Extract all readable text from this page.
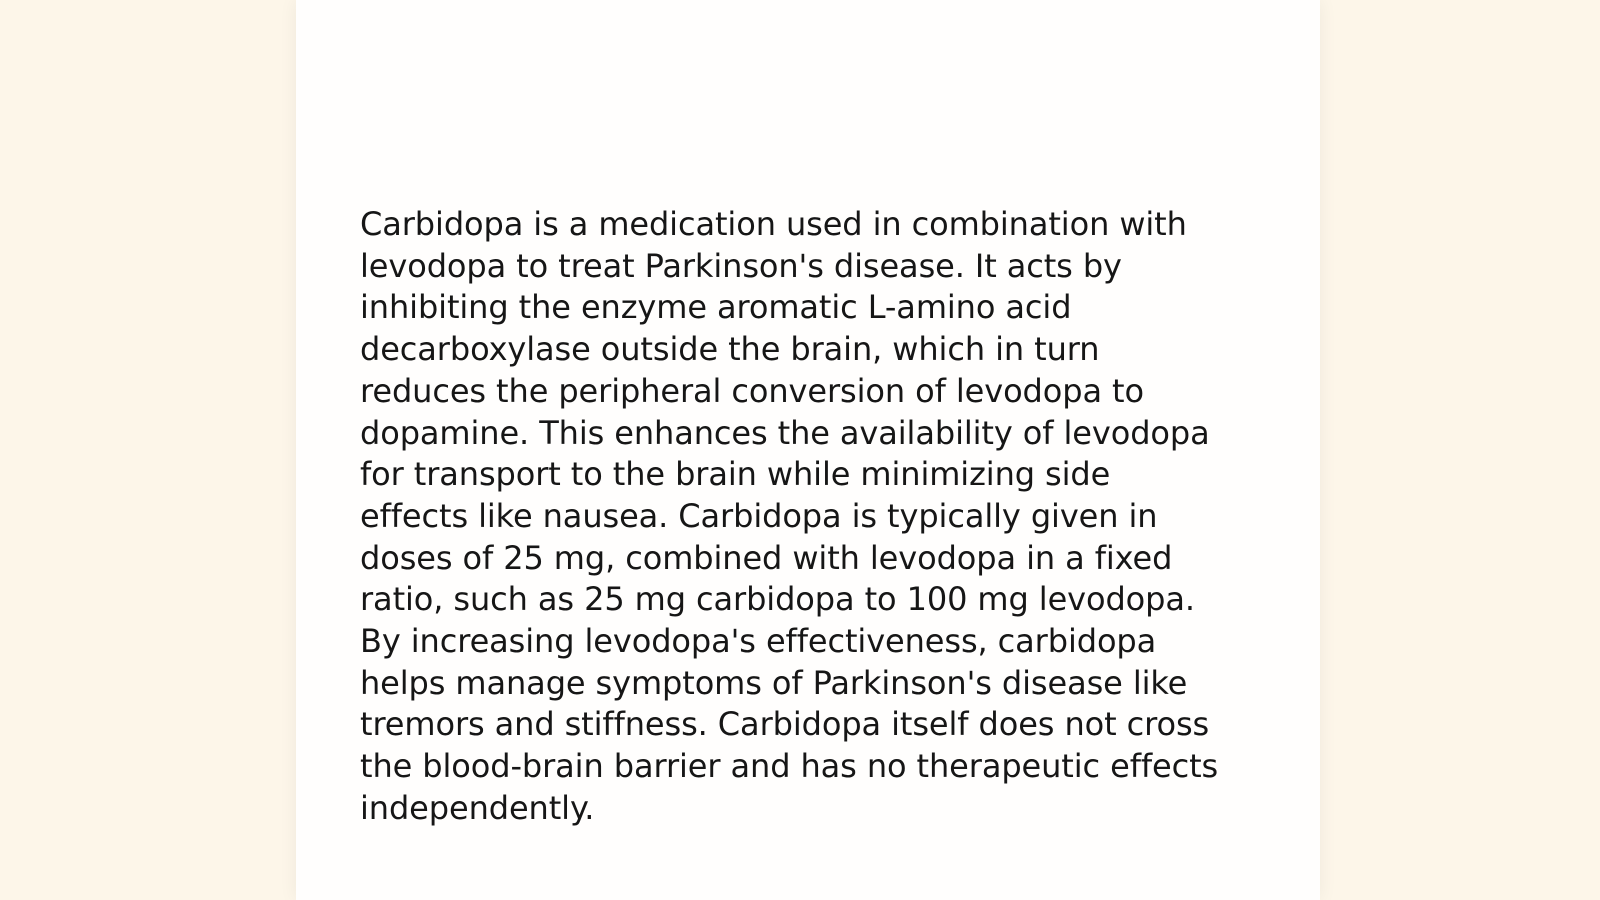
Carbidopa is a medication used in combination with
levodopa to treat Parkinson's disease. It acts by
inhibiting the enzyme aromatic L-amino acid
decarboxylase outside the brain, which in turn
reduces the peripheral conversion of levodopa to
dopamine. This enhances the availability of levodopa
for transport to the brain while minimizing side
effects like nausea. Carbidopa is typically given in
doses of 25 mg, combined with levodopa in a fixed
ratio, such as 25 mg carbidopa to 100 mg levodopa.
By increasing levodopa's effectiveness, carbidopa
helps manage symptoms of Parkinson's disease like
tremors and stiffness. Carbidopa itself does not cross
the blood-brain barrier and has no therapeutic effects
independently.
